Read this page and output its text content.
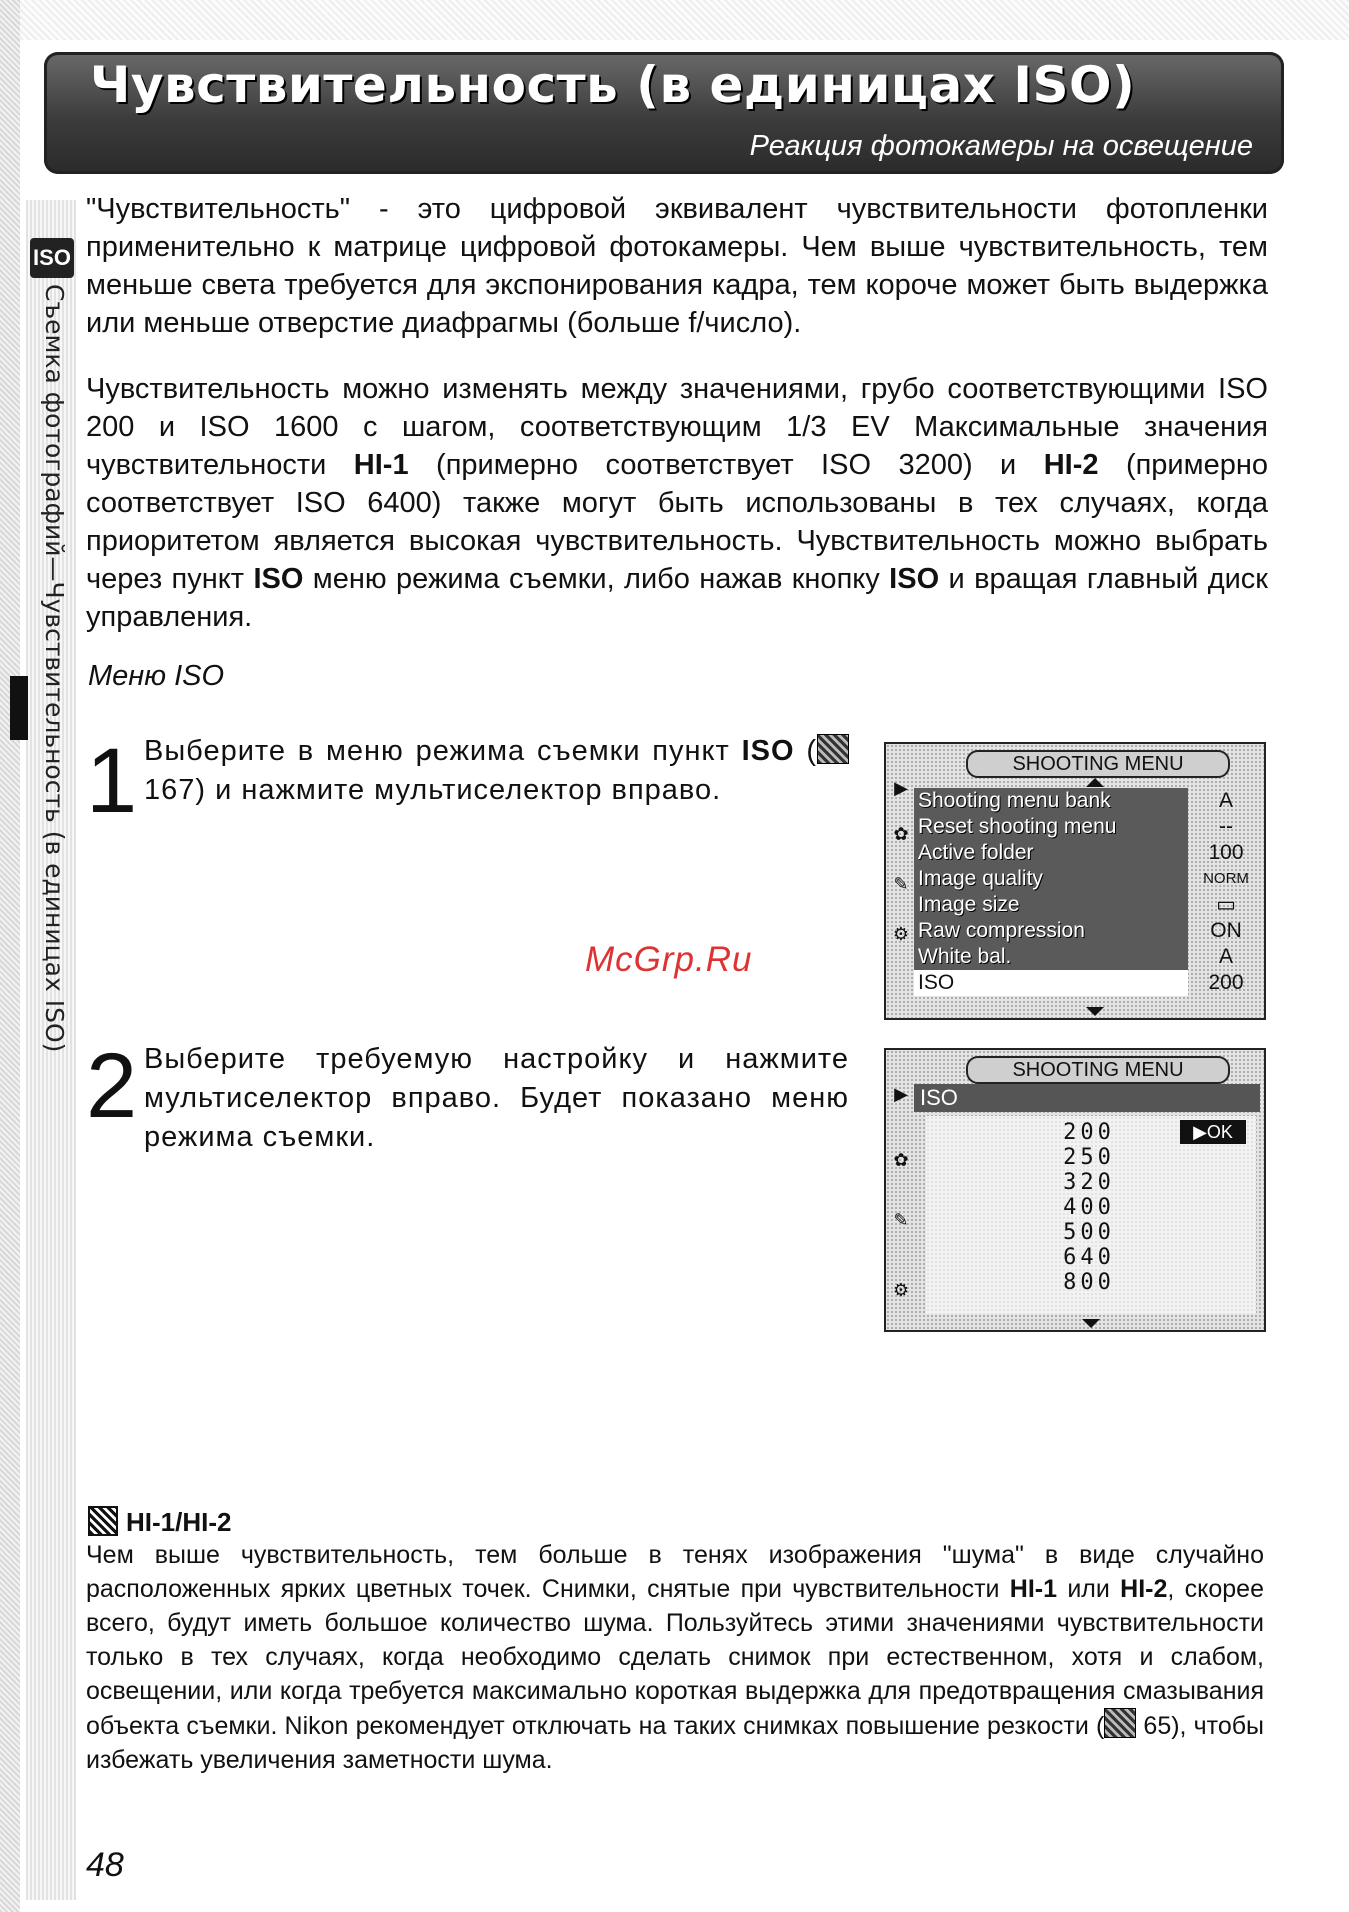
Чувствительность (в единицах ISO)
Реакция фотокамеры на освещение
ISO
Съемка фотографий—Чувствительность (в единицах ISO)

"Чувствительность" - это цифровой эквивалент чувствительности фотопленки применительно к матрице цифровой фотокамеры. Чем выше чувствительность, тем меньше света требуется для экспонирования кадра, тем короче может быть выдержка или меньше отверстие диафрагмы (больше f/число).

Чувствительность можно изменять между значениями, грубо соответствующими ISO 200 и ISO 1600 с шагом, соответствующим 1/3 EV Максимальные значения чувствительности HI-1 (примерно соответствует ISO 3200) и HI-2 (примерно соответствует ISO 6400) также могут быть использованы в тех случаях, когда приоритетом является высокая чувствительность. Чувствительность можно выбрать через пункт ISO меню режима съемки, либо нажав кнопку ISO и вращая главный диск управления.

Меню ISO
1 Выберите в меню режима съемки пункт ISO ( 167) и нажмите мультиселектор вправо.

2 Выберите требуемую настройку и нажмите мультиселектор вправо. Будет показано меню режима съемки.

McGrp.Ru
SHOOTING MENU
▶
✿
✎
⚙
Shooting menu bank
Reset shooting menu
Active folder
Image quality
Image size
Raw compression
White bal.
ISO
A
--
100
NORM
▭
ON
A
200
SHOOTING MENU
▶
✿
✎
⚙
ISO
200	▶OK
250
320
400
500
640
800
HI-1/HI-2

Чем выше чувствительность, тем больше в тенях изображения "шума" в виде случайно расположенных ярких цветных точек. Снимки, снятые при чувствительности HI-1 или HI-2, скорее всего, будут иметь большое количество шума. Пользуйтесь этими значениями чувствительности только в тех случаях, когда необходимо сделать снимок при естественном, хотя и слабом, освещении, или когда требуется максимально короткая выдержка для предотвращения смазывания объекта съемки. Nikon рекомендует отключать на таких снимках повышение резкости ( 65), чтобы избежать увеличения заметности шума.

48
